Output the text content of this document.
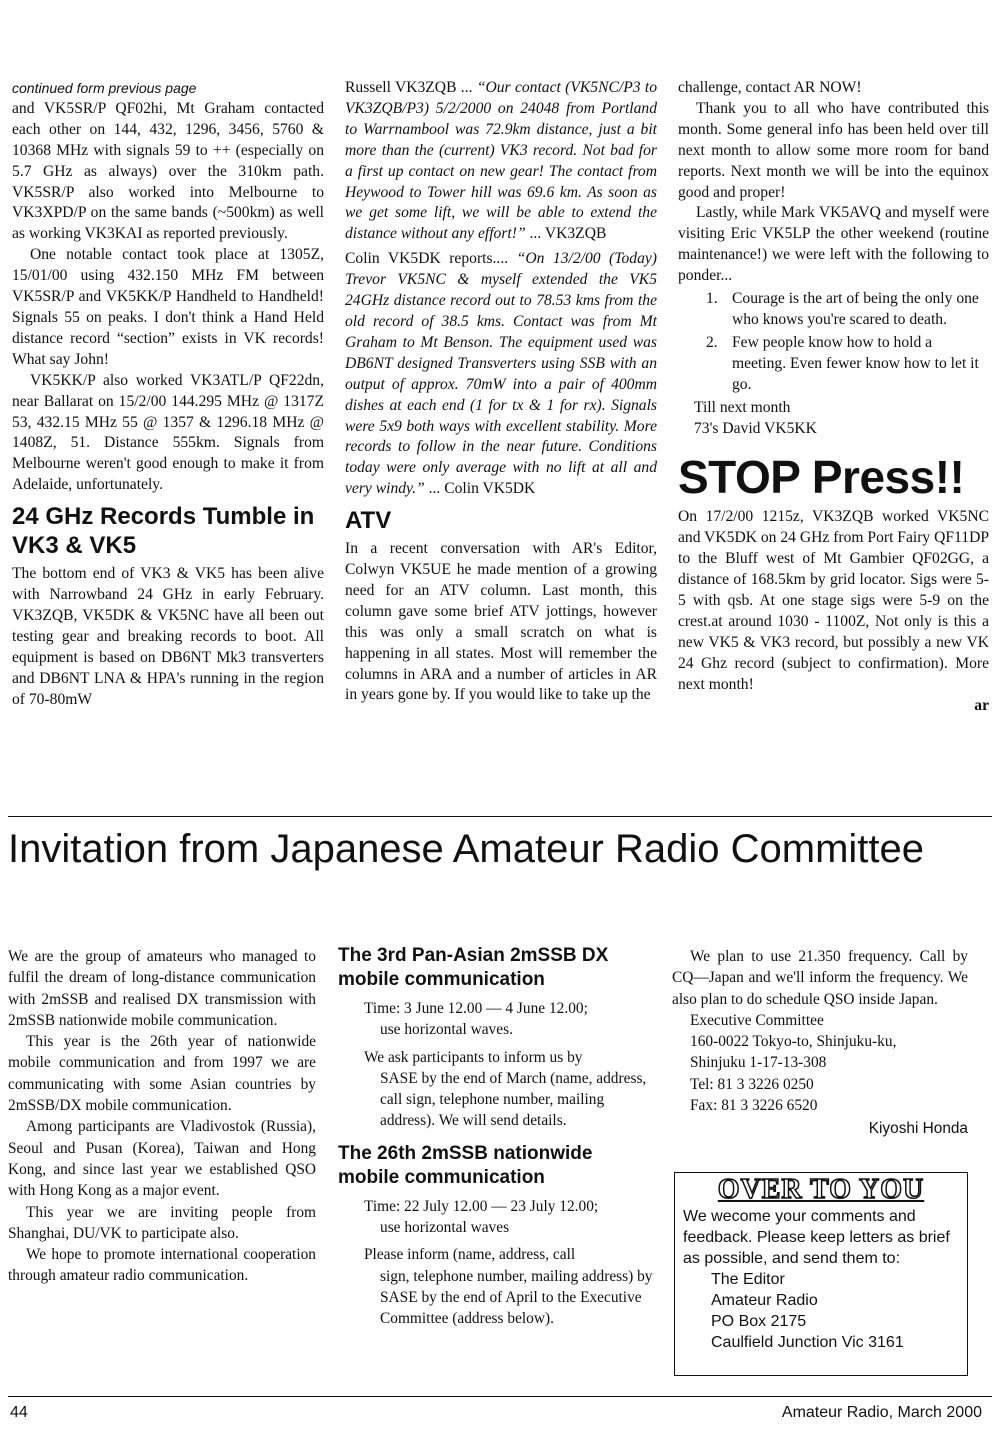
continued form previous page

and VK5SR/P QF02hi, Mt Graham contacted each other on 144, 432, 1296, 3456, 5760 & 10368 MHz with signals 59 to ++ (especially on 5.7 GHz as always) over the 310km path. VK5SR/P also worked into Melbourne to VK3XPD/P on the same bands (~500km) as well as working VK3KAI as reported previously.

One notable contact took place at 1305Z, 15/01/00 using 432.150 MHz FM between VK5SR/P and VK5KK/P Handheld to Handheld! Signals 55 on peaks. I don't think a Hand Held distance record “section” exists in VK records! What say John!

VK5KK/P also worked VK3ATL/P QF22dn, near Ballarat on 15/2/00 144.295 MHz @ 1317Z 53, 432.15 MHz 55 @ 1357 & 1296.18 MHz @ 1408Z, 51. Distance 555km. Signals from Melbourne weren't good enough to make it from Adelaide, unfortunately.

24 GHz Records Tumble in VK3 & VK5

The bottom end of VK3 & VK5 has been alive with Narrowband 24 GHz in early February. VK3ZQB, VK5DK & VK5NC have all been out testing gear and breaking records to boot. All equipment is based on DB6NT Mk3 transverters and DB6NT LNA & HPA's running in the region of 70-80mW

Russell VK3ZQB ... “Our contact (VK5NC/P3 to VK3ZQB/P3) 5/2/2000 on 24048 from Portland to Warrnambool was 72.9km distance, just a bit more than the (current) VK3 record. Not bad for a first up contact on new gear! The contact from Heywood to Tower hill was 69.6 km. As soon as we get some lift, we will be able to extend the distance without any effort!” ... VK3ZQB

Colin VK5DK reports.... “On 13/2/00 (Today) Trevor VK5NC & myself extended the VK5 24GHz distance record out to 78.53 kms from the old record of 38.5 kms. Contact was from Mt Graham to Mt Benson. The equipment used was DB6NT designed Transverters using SSB with an output of approx. 70mW into a pair of 400mm dishes at each end (1 for tx & 1 for rx). Signals were 5x9 both ways with excellent stability. More records to follow in the near future. Conditions today were only average with no lift at all and very windy.” ... Colin VK5DK

ATV

In a recent conversation with AR's Editor, Colwyn VK5UE he made mention of a growing need for an ATV column. Last month, this column gave some brief ATV jottings, however this was only a small scratch on what is happening in all states. Most will remember the columns in ARA and a number of articles in AR in years gone by. If you would like to take up the

challenge, contact AR NOW!

Thank you to all who have contributed this month. Some general info has been held over till next month to allow some more room for band reports. Next month we will be into the equinox good and proper!

Lastly, while Mark VK5AVQ and myself were visiting Eric VK5LP the other weekend (routine maintenance!) we were left with the following to ponder...

1. Courage is the art of being the only one who knows you're scared to death.
2. Few people know how to hold a meeting. Even fewer know how to let it go.

Till next month

73's David VK5KK

STOP Press!!

On 17/2/00 1215z, VK3ZQB worked VK5NC and VK5DK on 24 GHz from Port Fairy QF11DP to the Bluff west of Mt Gambier QF02GG, a distance of 168.5km by grid locator. Sigs were 5-5 with qsb. At one stage sigs were 5-9 on the crest.at around 1030 - 1100Z, Not only is this a new VK5 & VK3 record, but possibly a new VK 24 Ghz record (subject to confirmation). More next month!

ar

Invitation from Japanese Amateur Radio Committee

We are the group of amateurs who managed to fulfil the dream of long-distance communication with 2mSSB and realised DX transmission with 2mSSB nationwide mobile communication.

This year is the 26th year of nationwide mobile communication and from 1997 we are communicating with some Asian countries by 2mSSB/DX mobile communication.

Among participants are Vladivostok (Russia), Seoul and Pusan (Korea), Taiwan and Hong Kong, and since last year we established QSO with Hong Kong as a major event.

This year we are inviting people from Shanghai, DU/VK to participate also.

We hope to promote international cooperation through amateur radio communication.

The 3rd Pan-Asian 2mSSB DX mobile communication
Time: 3 June 12.00 — 4 June 12.00;
use horizontal waves.
We ask participants to inform us by
SASE by the end of March (name, address, call sign, telephone number, mailing address). We will send details.
The 26th 2mSSB nationwide mobile communication
Time: 22 July 12.00 — 23 July 12.00;
use horizontal waves
Please inform (name, address, call
sign, telephone number, mailing address) by SASE by the end of April to the Executive Committee (address below).

We plan to use 21.350 frequency. Call by CQ—Japan and we'll inform the frequency. We also plan to do schedule QSO inside Japan.

Executive Committee
160-0022 Tokyo-to, Shinjuku-ku,
Shinjuku 1-17-13-308
Tel: 81 3 3226 0250
Fax: 81 3 3226 6520

Kiyoshi Honda

OVER TO YOU
We wecome your comments and feedback. Please keep letters as brief as possible, and send them to:
The Editor
Amateur Radio
PO Box 2175
Caulfield Junction Vic 3161
44	Amateur Radio, March 2000
